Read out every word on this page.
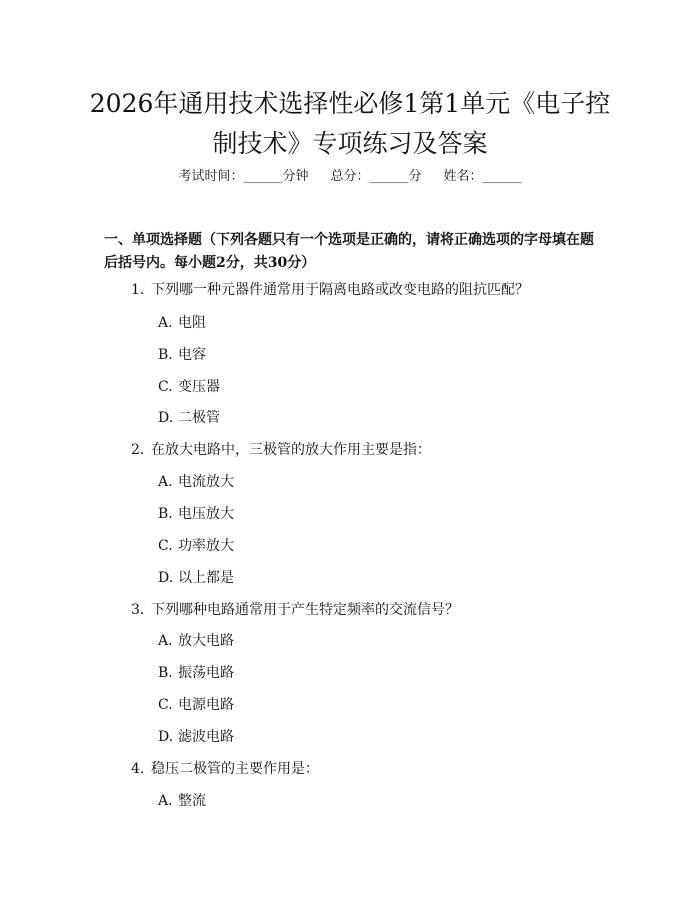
2026年通用技术选择性必修1第1单元《电子控制技术》专项练习及答案
考试时间：______分钟 总分：______分 姓名：______
一、单项选择题（下列各题只有一个选项是正确的，请将正确选项的字母填在题后括号内。每小题2分，共30分）
1. 下列哪一种元器件通常用于隔离电路或改变电路的阻抗匹配？
A. 电阻
B. 电容
C. 变压器
D. 二极管
2. 在放大电路中，三极管的放大作用主要是指：
A. 电流放大
B. 电压放大
C. 功率放大
D. 以上都是
3. 下列哪种电路通常用于产生特定频率的交流信号？
A. 放大电路
B. 振荡电路
C. 电源电路
D. 滤波电路
4. 稳压二极管的主要作用是：
A. 整流
